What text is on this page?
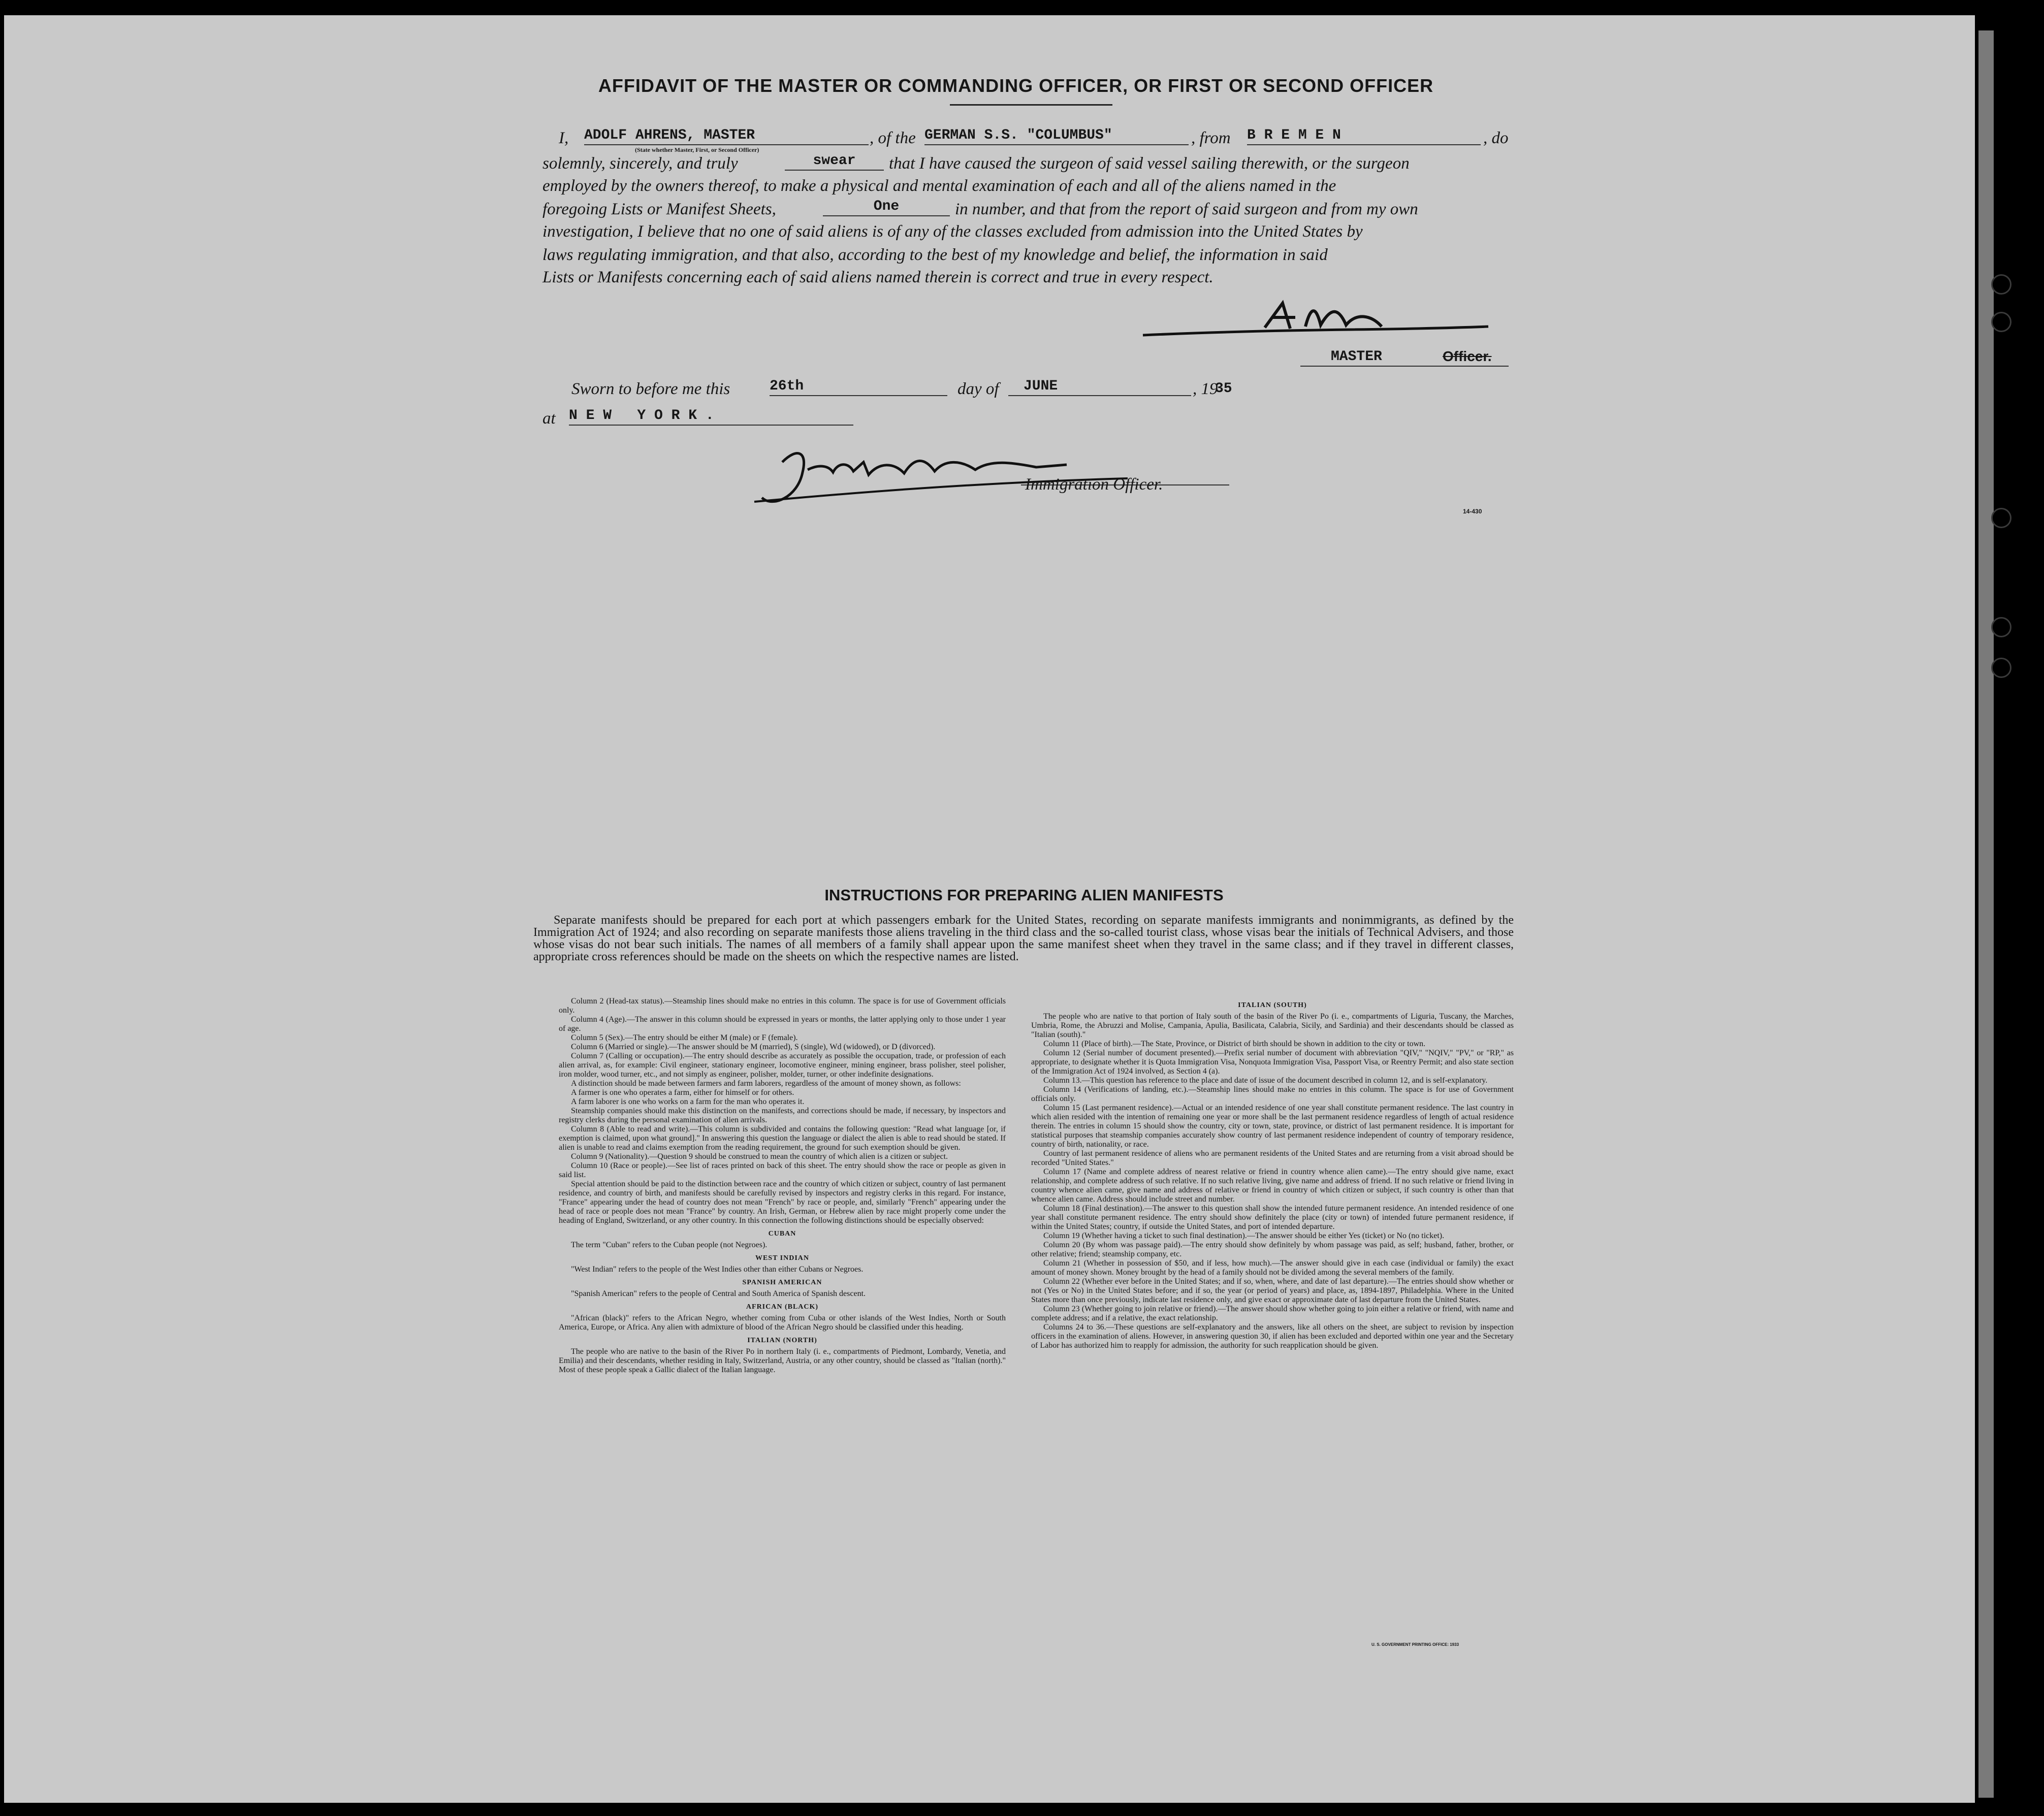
AFFIDAVIT OF THE MASTER OR COMMANDING OFFICER, OR FIRST OR SECOND OFFICER
I, ADOLF AHRENS, MASTER
(State whether Master, First, or Second Officer)
, of the GERMAN S.S. "COLUMBUS"	, from B R E M E N	, do
solemnly, sincerely, and truly	swear	that I have caused the surgeon of said vessel sailing therewith, or the surgeon
employed by the owners thereof, to make a physical and mental examination of each and all of the aliens named in the
foregoing Lists or Manifest Sheets,	One	in number, and that from the report of said surgeon and from my own
investigation, I believe that no one of said aliens is of any of the classes excluded from admission into the United States by
laws regulating immigration, and that also, according to the best of my knowledge and belief, the information in said
Lists or Manifests concerning each of said aliens named therein is correct and true in every respect.
MASTER	Officer.
Sworn to before me this	26th	day of JUNE	, 19
35
at N E W   Y O R K .
Immigration Officer.
14-430
INSTRUCTIONS FOR PREPARING ALIEN MANIFESTS
Separate manifests should be prepared for each port at which passengers embark for the United States, recording on separate manifests immigrants and nonimmigrants, as defined by the Immigration Act of 1924; and also recording on separate manifests those aliens traveling in the third class and the so-called tourist class, whose visas bear the initials of Technical Advisers, and those whose visas do not bear such initials. The names of all members of a family shall appear upon the same manifest sheet when they travel in the same class; and if they travel in different classes, appropriate cross references should be made on the sheets on which the respective names are listed.

Column 2 (Head-tax status).—Steamship lines should make no entries in this column. The space is for use of Government officials only.

Column 4 (Age).—The answer in this column should be expressed in years or months, the latter applying only to those under 1 year of age.

Column 5 (Sex).—The entry should be either M (male) or F (female).

Column 6 (Married or single).—The answer should be M (married), S (single), Wd (widowed), or D (divorced).

Column 7 (Calling or occupation).—The entry should describe as accurately as possible the occupation, trade, or profession of each alien arrival, as, for example: Civil engineer, stationary engineer, locomotive engineer, mining engineer, brass polisher, steel polisher, iron molder, wood turner, etc., and not simply as engineer, polisher, molder, turner, or other indefinite designations.

A distinction should be made between farmers and farm laborers, regardless of the amount of money shown, as follows:

A farmer is one who operates a farm, either for himself or for others.

A farm laborer is one who works on a farm for the man who operates it.

Steamship companies should make this distinction on the manifests, and corrections should be made, if necessary, by inspectors and registry clerks during the personal examination of alien arrivals.

Column 8 (Able to read and write).—This column is subdivided and contains the following question: "Read what language [or, if exemption is claimed, upon what ground]." In answering this question the language or dialect the alien is able to read should be stated. If alien is unable to read and claims exemption from the reading requirement, the ground for such exemption should be given.

Column 9 (Nationality).—Question 9 should be construed to mean the country of which alien is a citizen or subject.

Column 10 (Race or people).—See list of races printed on back of this sheet. The entry should show the race or people as given in said list.

Special attention should be paid to the distinction between race and the country of which citizen or subject, country of last permanent residence, and country of birth, and manifests should be carefully revised by inspectors and registry clerks in this regard. For instance, "France" appearing under the head of country does not mean "French" by race or people, and, similarly "French" appearing under the head of race or people does not mean "France" by country. An Irish, German, or Hebrew alien by race might properly come under the heading of England, Switzerland, or any other country. In this connection the following distinctions should be especially observed:

CUBAN

The term "Cuban" refers to the Cuban people (not Negroes).

WEST INDIAN

"West Indian" refers to the people of the West Indies other than either Cubans or Negroes.

SPANISH AMERICAN

"Spanish American" refers to the people of Central and South America of Spanish descent.

AFRICAN (BLACK)

"African (black)" refers to the African Negro, whether coming from Cuba or other islands of the West Indies, North or South America, Europe, or Africa. Any alien with admixture of blood of the African Negro should be classified under this heading.

ITALIAN (NORTH)

The people who are native to the basin of the River Po in northern Italy (i. e., compartments of Piedmont, Lombardy, Venetia, and Emilia) and their descendants, whether residing in Italy, Switzerland, Austria, or any other country, should be classed as "Italian (north)." Most of these people speak a Gallic dialect of the Italian language.

ITALIAN (SOUTH)

The people who are native to that portion of Italy south of the basin of the River Po (i. e., compartments of Liguria, Tuscany, the Marches, Umbria, Rome, the Abruzzi and Molise, Campania, Apulia, Basilicata, Calabria, Sicily, and Sardinia) and their descendants should be classed as "Italian (south)."

Column 11 (Place of birth).—The State, Province, or District of birth should be shown in addition to the city or town.

Column 12 (Serial number of document presented).—Prefix serial number of document with abbreviation "QIV," "NQIV," "PV," or "RP," as appropriate, to designate whether it is Quota Immigration Visa, Nonquota Immigration Visa, Passport Visa, or Reentry Permit; and also state section of the Immigration Act of 1924 involved, as Section 4 (a).

Column 13.—This question has reference to the place and date of issue of the document described in column 12, and is self-explanatory.

Column 14 (Verifications of landing, etc.).—Steamship lines should make no entries in this column. The space is for use of Government officials only.

Column 15 (Last permanent residence).—Actual or an intended residence of one year shall constitute permanent residence. The last country in which alien resided with the intention of remaining one year or more shall be the last permanent residence regardless of length of actual residence therein. The entries in column 15 should show the country, city or town, state, province, or district of last permanent residence. It is important for statistical purposes that steamship companies accurately show country of last permanent residence independent of country of temporary residence, country of birth, nationality, or race.

Country of last permanent residence of aliens who are permanent residents of the United States and are returning from a visit abroad should be recorded "United States."

Column 17 (Name and complete address of nearest relative or friend in country whence alien came).—The entry should give name, exact relationship, and complete address of such relative. If no such relative living, give name and address of friend. If no such relative or friend living in country whence alien came, give name and address of relative or friend in country of which citizen or subject, if such country is other than that whence alien came. Address should include street and number.

Column 18 (Final destination).—The answer to this question shall show the intended future permanent residence. An intended residence of one year shall constitute permanent residence. The entry should show definitely the place (city or town) of intended future permanent residence, if within the United States; country, if outside the United States, and port of intended departure.

Column 19 (Whether having a ticket to such final destination).—The answer should be either Yes (ticket) or No (no ticket).

Column 20 (By whom was passage paid).—The entry should show definitely by whom passage was paid, as self; husband, father, brother, or other relative; friend; steamship company, etc.

Column 21 (Whether in possession of $50, and if less, how much).—The answer should give in each case (individual or family) the exact amount of money shown. Money brought by the head of a family should not be divided among the several members of the family.

Column 22 (Whether ever before in the United States; and if so, when, where, and date of last departure).—The entries should show whether or not (Yes or No) in the United States before; and if so, the year (or period of years) and place, as, 1894-1897, Philadelphia. Where in the United States more than once previously, indicate last residence only, and give exact or approximate date of last departure from the United States.

Column 23 (Whether going to join relative or friend).—The answer should show whether going to join either a relative or friend, with name and complete address; and if a relative, the exact relationship.

Columns 24 to 36.—These questions are self-explanatory and the answers, like all others on the sheet, are subject to revision by inspection officers in the examination of aliens. However, in answering question 30, if alien has been excluded and deported within one year and the Secretary of Labor has authorized him to reapply for admission, the authority for such reapplication should be given.

U. S. GOVERNMENT PRINTING OFFICE: 1933
